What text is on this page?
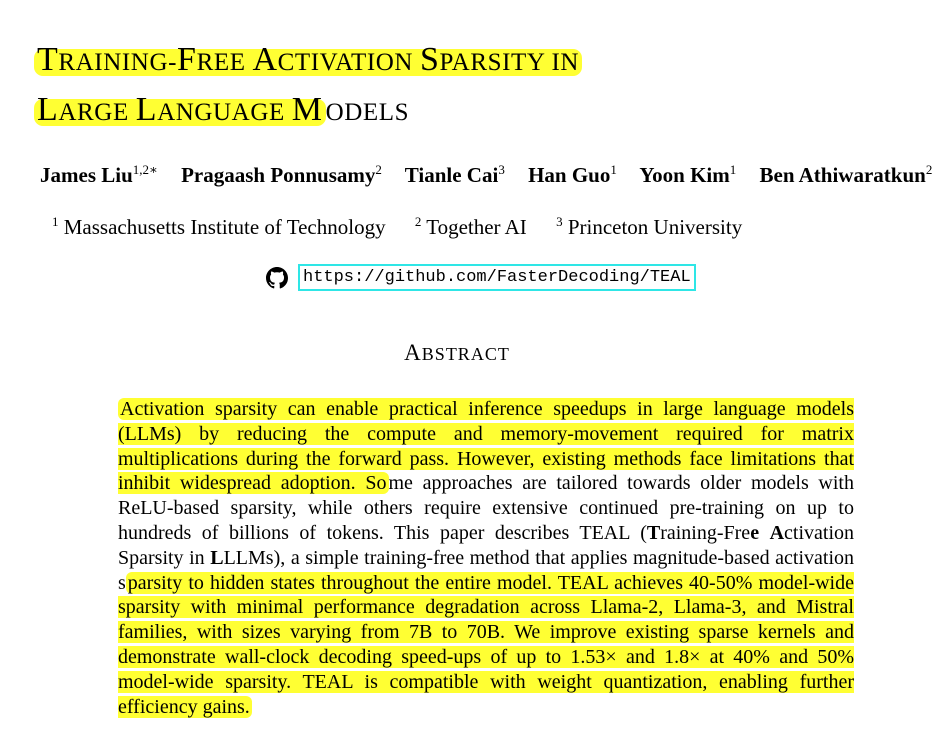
TRAINING-FREE ACTIVATION SPARSITY IN
LARGE LANGUAGE M ODELS
James Liu$^{1,2∗}$ Pragaash Ponnusamy$^2$ Tianle Cai$^3$ Han Guo$^1$ Yoon Kim$^1$ Ben Athiwaratkun$^2$
$^1$ Massachusetts Institute of Technology $^2$ Together AI $^3$ Princeton University
https://github.com/FasterDecoding/TEAL
ABSTRACT

Activation sparsity can enable practical inference speedups in large language models (LLMs) by reducing the compute and memory-movement required for matrix multiplications during the forward pass. However, existing methods face limitations that inhibit widespread adoption. So me approaches are tailored towards older models with ReLU-based sparsity, while others require extensive continued pre-training on up to hundreds of billions of tokens. This paper describes TEAL (Training-Free Activation Sparsity in LLLMs), a simple training-free method that applies magnitude-based activation s parsity to hidden states throughout the entire model. TEAL achieves 40-50% model-wide sparsity with minimal performance degradation across Llama-2, Llama-3, and Mistral families, with sizes varying from 7B to 70B. We improve existing sparse kernels and demonstrate wall-clock decoding speed-ups of up to 1.53× and 1.8× at 40% and 50% model-wide sparsity. TEAL is compatible with weight quantization, enabling further efficiency gains.
